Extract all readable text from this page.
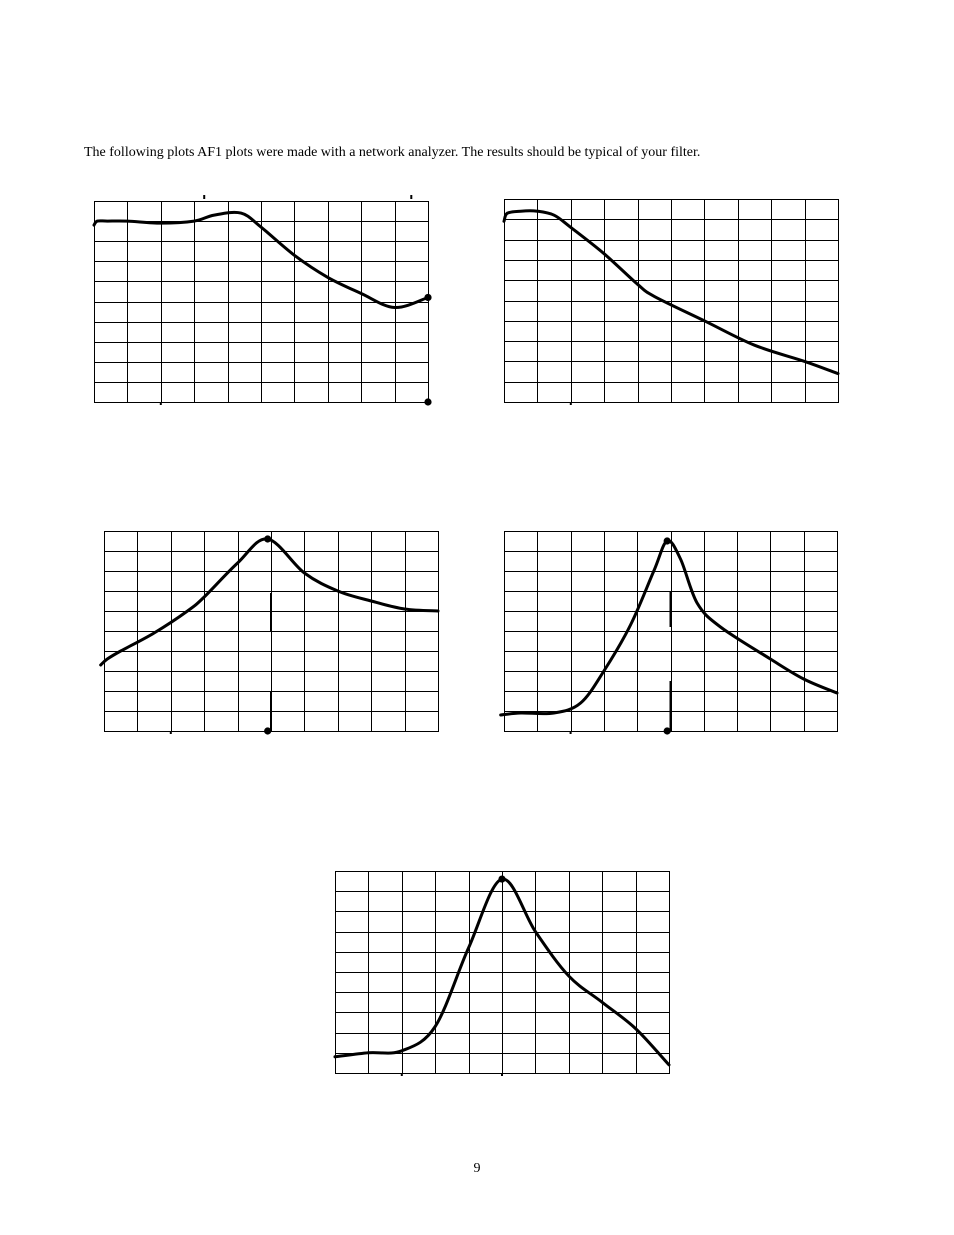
The following plots AF1 plots were made with a network analyzer. The results should be typical of your filter.
9
